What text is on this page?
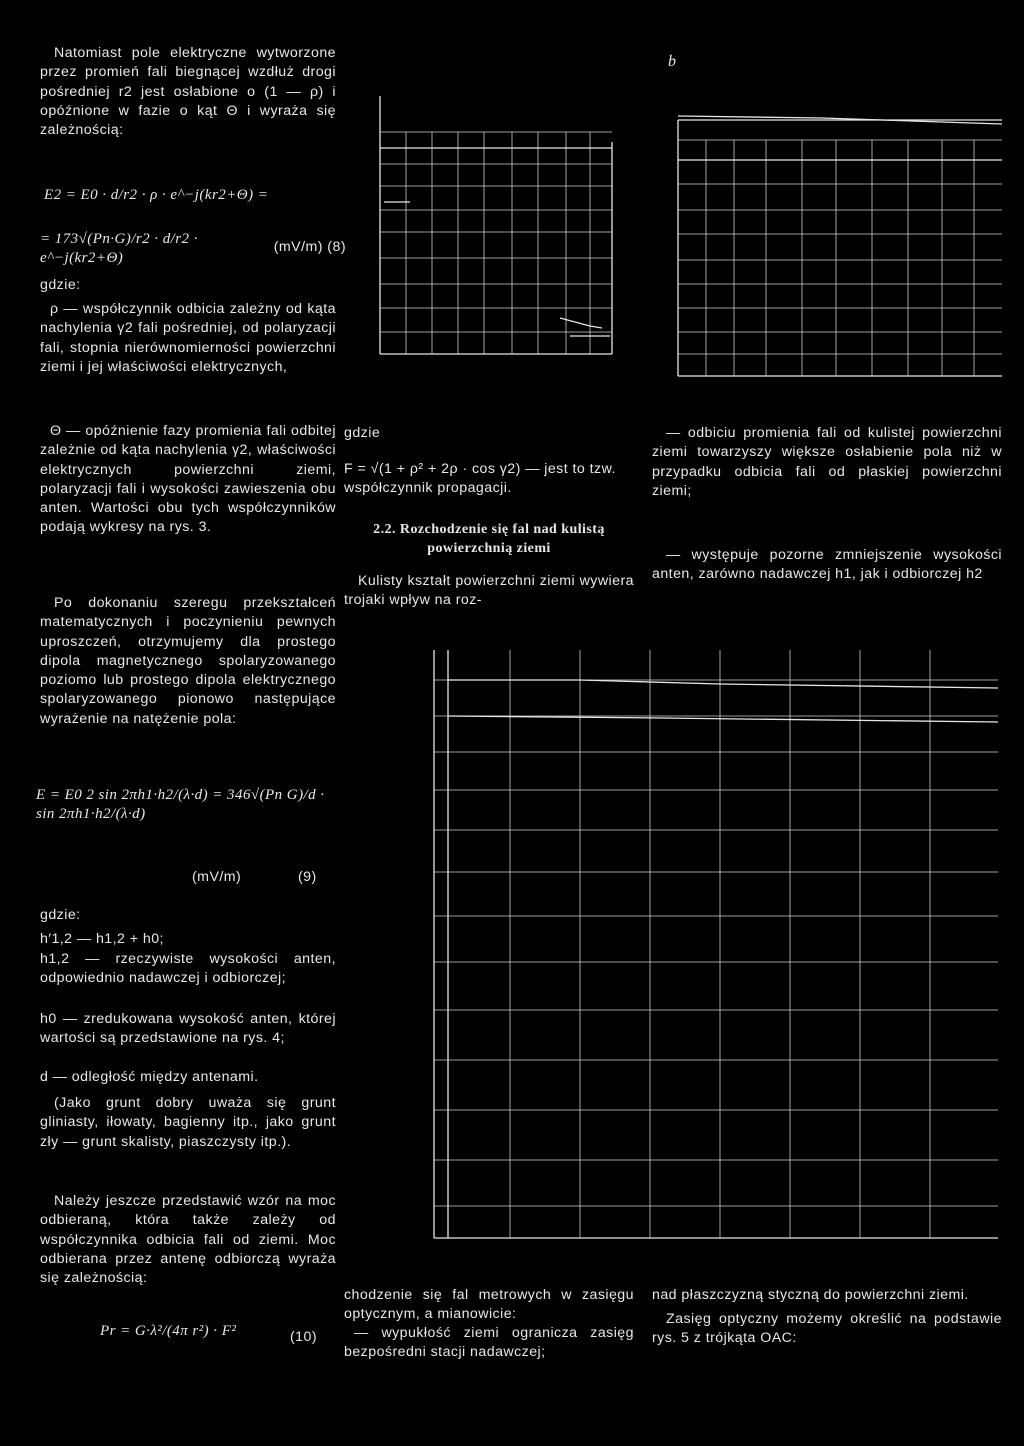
Natomiast pole elektryczne wytworzone przez promień fali biegnącej wzdłuż drogi pośredniej r2 jest osłabione o (1 — ρ) i opóźnione w fazie o kąt Θ i wyraża się zależnością:
E2 = E0 · d/r2 · ρ · e^−j(kr2+Θ) =
= 173√(Pn·G)/r2 · d/r2 · e^−j(kr2+Θ)
(mV/m) (8)
gdzie:
ρ — współczynnik odbicia zależny od kąta nachylenia γ2 fali pośredniej, od polaryzacji fali, stopnia nierównomierności powierzchni ziemi i jej właściwości elektrycznych,
Θ — opóźnienie fazy promienia fali odbitej zależnie od kąta nachylenia γ2, właściwości elektrycznych powierzchni ziemi, polaryzacji fali i wysokości zawieszenia obu anten. Wartości obu tych współczynników podają wykresy na rys. 3.
Po dokonaniu szeregu przekształceń matematycznych i poczynieniu pewnych uproszczeń, otrzymujemy dla prostego dipola magnetycznego spolaryzowanego poziomo lub prostego dipola elektrycznego spolaryzowanego pionowo następujące wyrażenie na natężenie pola:
E = E0 2 sin 2πh1·h2/(λ·d) = 346√(Pn G)/d · sin 2πh1·h2/(λ·d)
(mV/m)	(9)
gdzie:
h′1,2 — h1,2 + h0;
h1,2 — rzeczywiste wysokości anten, odpowiednio nadawczej i odbiorczej;
h0 — zredukowana wysokość anten, której wartości są przedstawione na rys. 4;
d — odległość między antenami.
(Jako grunt dobry uważa się grunt gliniasty, iłowaty, bagienny itp., jako grunt zły — grunt skalisty, piaszczysty itp.).
Należy jeszcze przedstawić wzór na moc odbieraną, która także zależy od współczynnika odbicia fali od ziemi. Moc odbierana przez antenę odbiorczą wyraża się zależnością:
Pr = G·λ²/(4π r²) · F²	(10)
gdzie
F = √(1 + ρ² + 2ρ · cos γ2) — jest to tzw. współczynnik propagacji.
2.2. Rozchodzenie się fal nad kulistą powierzchnią ziemi
Kulisty kształt powierzchni ziemi wywiera trojaki wpływ na roz-
chodzenie się fal metrowych w zasięgu optycznym, a mianowicie:
— wypukłość ziemi ogranicza zasięg bezpośredni stacji nadawczej;
b
— odbiciu promienia fali od kulistej powierzchni ziemi towarzyszy większe osłabienie pola niż w przypadku odbicia fali od płaskiej powierzchni ziemi;
— występuje pozorne zmniejszenie wysokości anten, zarówno nadawczej h1, jak i odbiorczej h2
nad płaszczyzną styczną do powierzchni ziemi.
Zasięg optyczny możemy określić na podstawie rys. 5 z trójkąta OAC:
